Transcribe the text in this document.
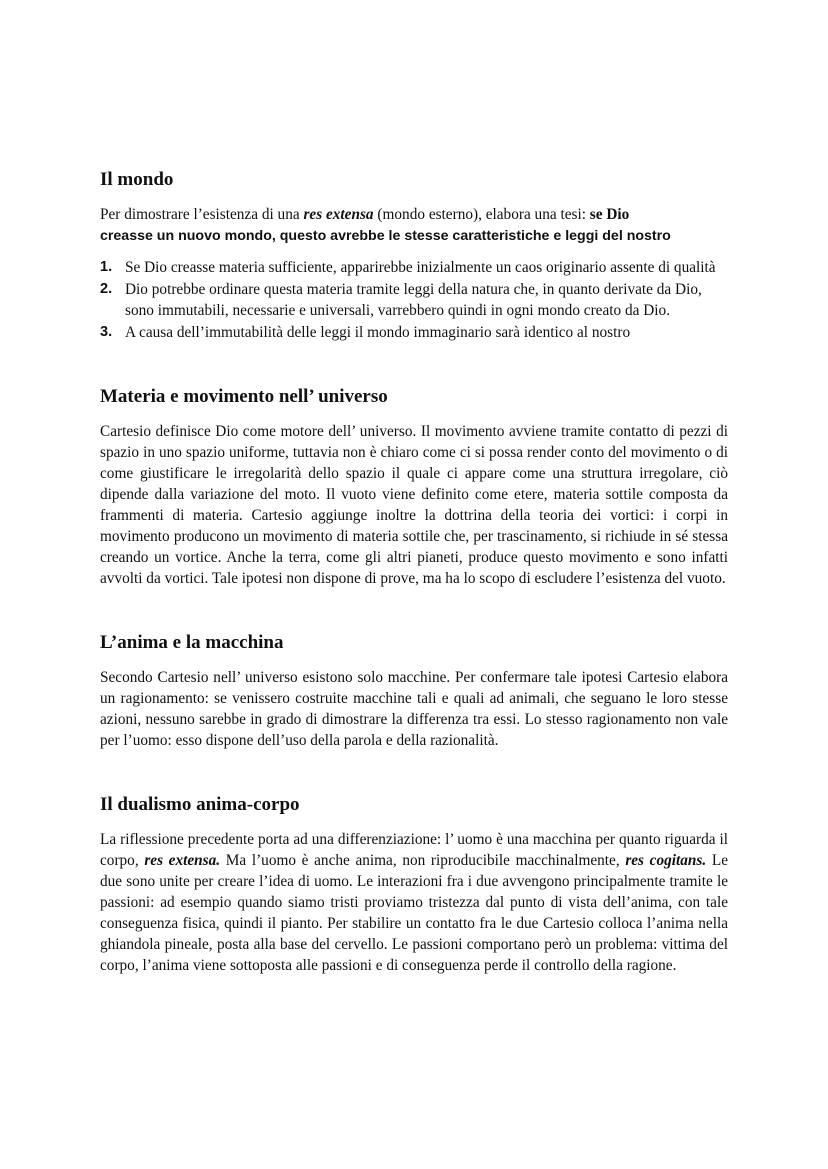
Il mondo

Per dimostrare l’esistenza di una res extensa (mondo esterno), elabora una tesi: se Dio
creasse un nuovo mondo, questo avrebbe le stesse caratteristiche e leggi del nostro

1. Se Dio creasse materia sufficiente, apparirebbe inizialmente un caos originario assente di qualità
2. Dio potrebbe ordinare questa materia tramite leggi della natura che, in quanto derivate da Dio, sono immutabili, necessarie e universali, varrebbero quindi in ogni mondo creato da Dio.
3. A causa dell’immutabilità delle leggi il mondo immaginario sarà identico al nostro
Materia e movimento nell’ universo

Cartesio definisce Dio come motore dell’ universo. Il movimento avviene tramite contatto di pezzi di spazio in uno spazio uniforme, tuttavia non è chiaro come ci si possa render conto del movimento o di come giustificare le irregolarità dello spazio il quale ci appare come una struttura irregolare, ciò dipende dalla variazione del moto. Il vuoto viene definito come etere, materia sottile composta da frammenti di materia. Cartesio aggiunge inoltre la dottrina della teoria dei vortici: i corpi in movimento producono un movimento di materia sottile che, per trascinamento, si richiude in sé stessa creando un vortice. Anche la terra, come gli altri pianeti, produce questo movimento e sono infatti avvolti da vortici. Tale ipotesi non dispone di prove, ma ha lo scopo di escludere l’esistenza del vuoto.

L’anima e la macchina

Secondo Cartesio nell’ universo esistono solo macchine. Per confermare tale ipotesi Cartesio elabora un ragionamento: se venissero costruite macchine tali e quali ad animali, che seguano le loro stesse azioni, nessuno sarebbe in grado di dimostrare la differenza tra essi. Lo stesso ragionamento non vale per l’uomo: esso dispone dell’uso della parola e della razionalità.

Il dualismo anima-corpo

La riflessione precedente porta ad una differenziazione: l’ uomo è una macchina per quanto riguarda il corpo, res extensa. Ma l’uomo è anche anima, non riproducibile macchinalmente, res cogitans. Le due sono unite per creare l’idea di uomo. Le interazioni fra i due avvengono principalmente tramite le passioni: ad esempio quando siamo tristi proviamo tristezza dal punto di vista dell’anima, con tale conseguenza fisica, quindi il pianto. Per stabilire un contatto fra le due Cartesio colloca l’anima nella ghiandola pineale, posta alla base del cervello. Le passioni comportano però un problema: vittima del corpo, l’anima viene sottoposta alle passioni e di conseguenza perde il controllo della ragione.
